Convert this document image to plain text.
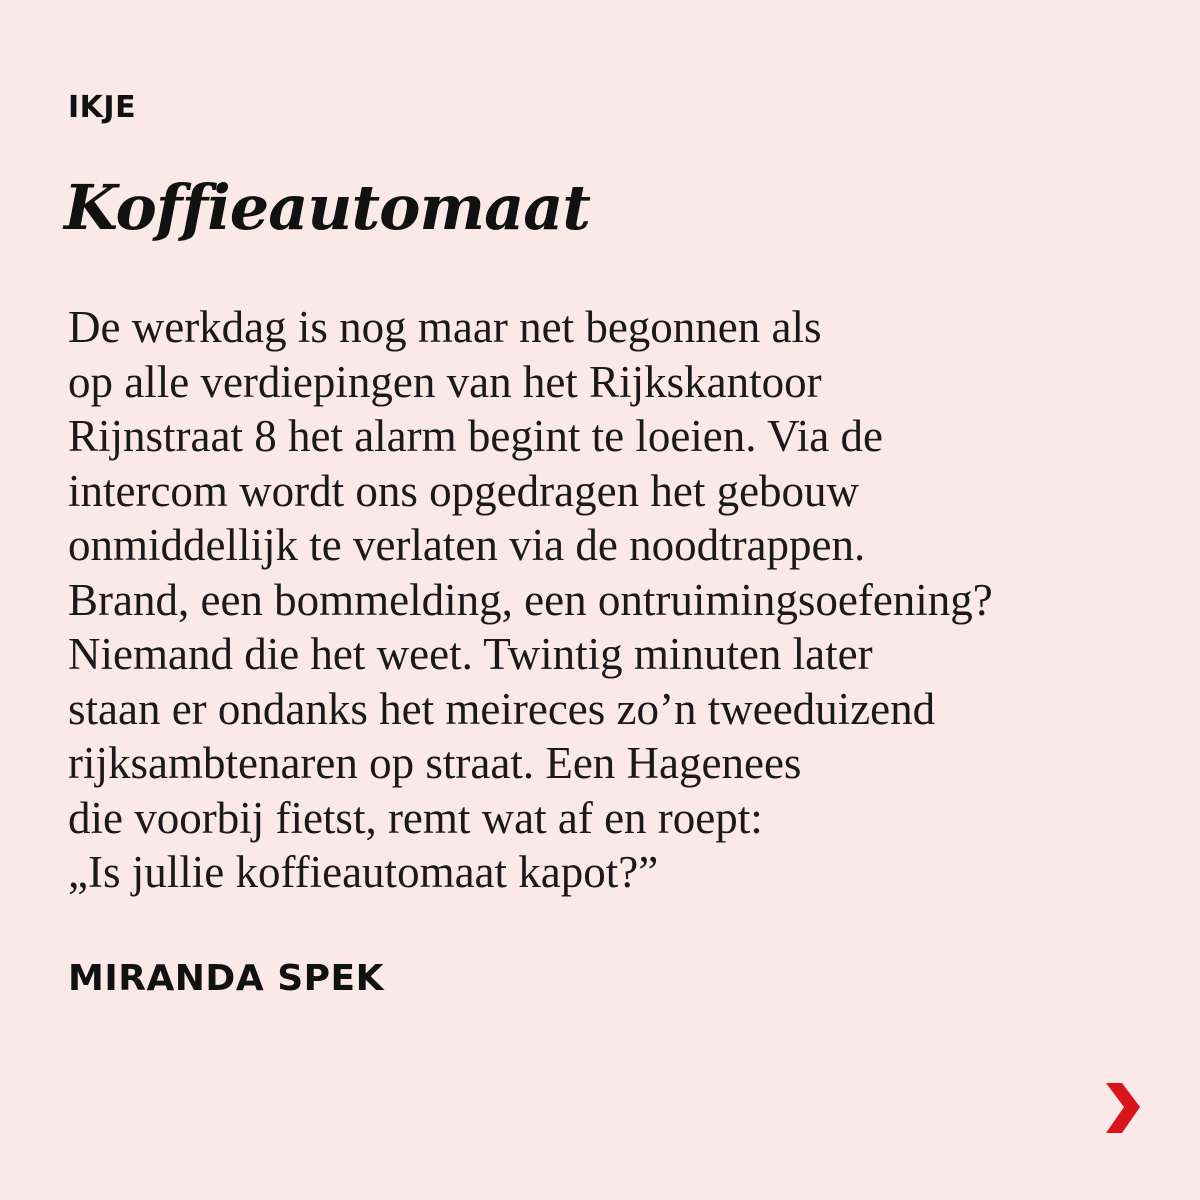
IKJE
Koffieautomaat
De werkdag is nog maar net begonnen als
op alle verdiepingen van het Rijkskantoor
Rijnstraat 8 het alarm begint te loeien. Via de
intercom wordt ons opgedragen het gebouw
onmiddellijk te verlaten via de noodtrappen.
Brand, een bommelding, een ontruimingsoefening?
Niemand die het weet. Twintig minuten later
staan er ondanks het meireces zo’n tweeduizend
rijksambtenaren op straat. Een Hagenees
die voorbij fietst, remt wat af en roept:
„Is jullie koffieautomaat kapot?”
MIRANDA SPEK
